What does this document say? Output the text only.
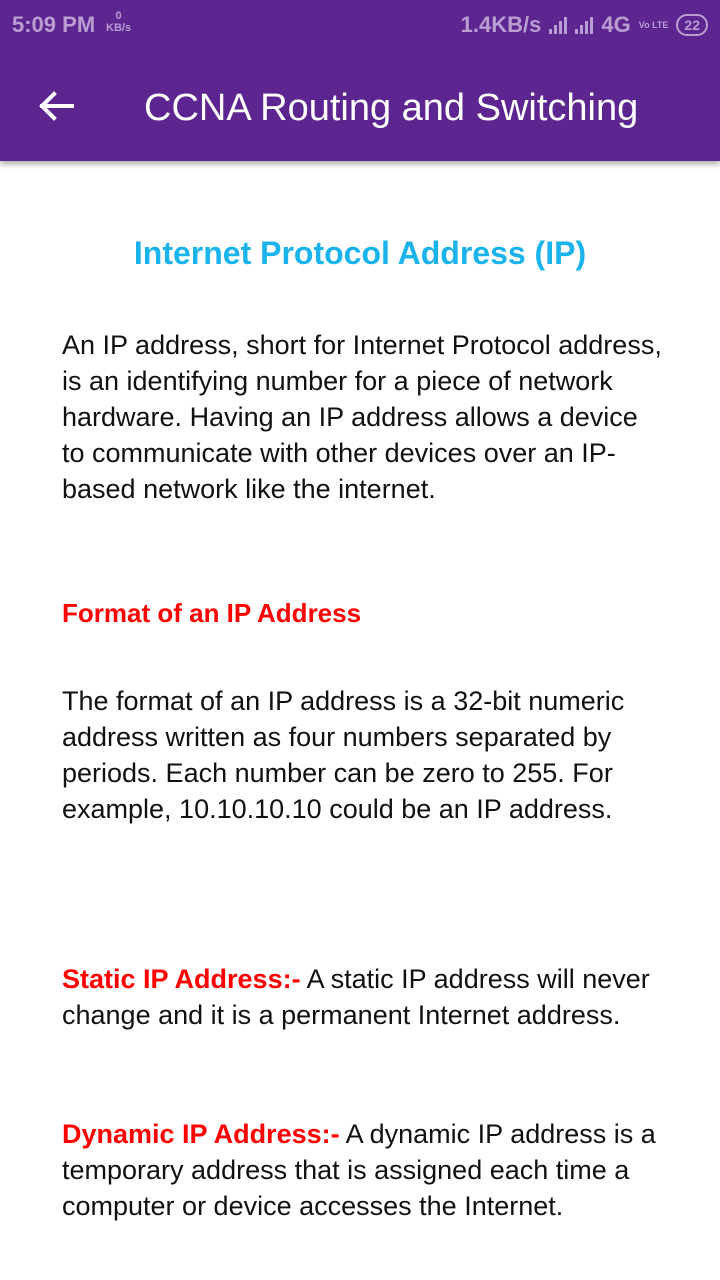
5:09 PM	0
KB/s	1.4KB/s	4G Vo LTE	22
CCNA Routing and Switching
Internet Protocol Address (IP)
An IP address, short for Internet Protocol address, is an identifying number for a piece of network hardware. Having an IP address allows a device to communicate with other devices over an IP-based network like the internet.
Format of an IP Address
The format of an IP address is a 32-bit numeric address written as four numbers separated by periods. Each number can be zero to 255. For example, 10.10.10.10 could be an IP address.
Static IP Address:- A static IP address will never change and it is a permanent Internet address.
Dynamic IP Address:- A dynamic IP address is a temporary address that is assigned each time a computer or device accesses the Internet.
